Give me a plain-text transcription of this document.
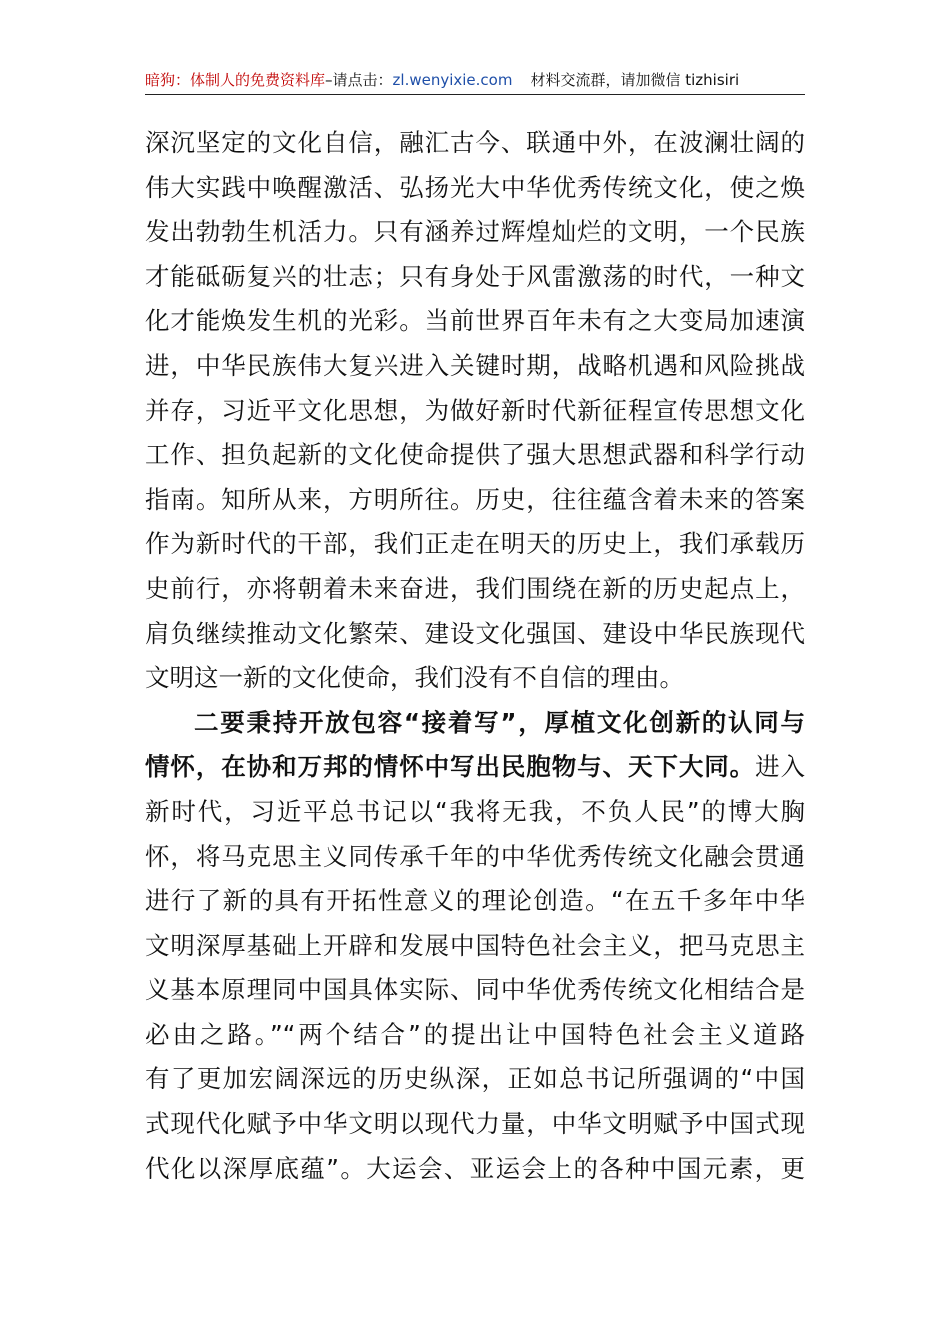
暗狗：体制人的免费资料库–请点击：zl.wenyixie.com 材料交流群，请加微信 tizhisiri
深沉坚定的文化自信，融汇古今、联通中外，在波澜壮阔的
伟大实践中唤醒激活、弘扬光大中华优秀传统文化，使之焕
发出勃勃生机活力。只有涵养过辉煌灿烂的文明，一个民族
才能砥砺复兴的壮志；只有身处于风雷激荡的时代，一种文
化才能焕发生机的光彩。当前世界百年未有之大变局加速演
进，中华民族伟大复兴进入关键时期，战略机遇和风险挑战
并存，习近平文化思想，为做好新时代新征程宣传思想文化
工作、担负起新的文化使命提供了强大思想武器和科学行动
指南。知所从来，方明所往。历史，往往蕴含着未来的答案
作为新时代的干部，我们正走在明天的历史上，我们承载历
史前行，亦将朝着未来奋进，我们围绕在新的历史起点上，
肩负继续推动文化繁荣、建设文化强国、建设中华民族现代
文明这一新的文化使命，我们没有不自信的理由。
二要秉持开放包容“接着写”，厚植文化创新的认同与
情怀，在协和万邦的情怀中写出民胞物与、天下大同。进入
新时代，习近平总书记以“我将无我，不负人民”的博大胸
怀，将马克思主义同传承千年的中华优秀传统文化融会贯通
进行了新的具有开拓性意义的理论创造。“在五千多年中华
文明深厚基础上开辟和发展中国特色社会主义，把马克思主
义基本原理同中国具体实际、同中华优秀传统文化相结合是
必由之路。”“两个结合”的提出让中国特色社会主义道路
有了更加宏阔深远的历史纵深，正如总书记所强调的“中国
式现代化赋予中华文明以现代力量，中华文明赋予中国式现
代化以深厚底蕴”。大运会、亚运会上的各种中国元素，更
